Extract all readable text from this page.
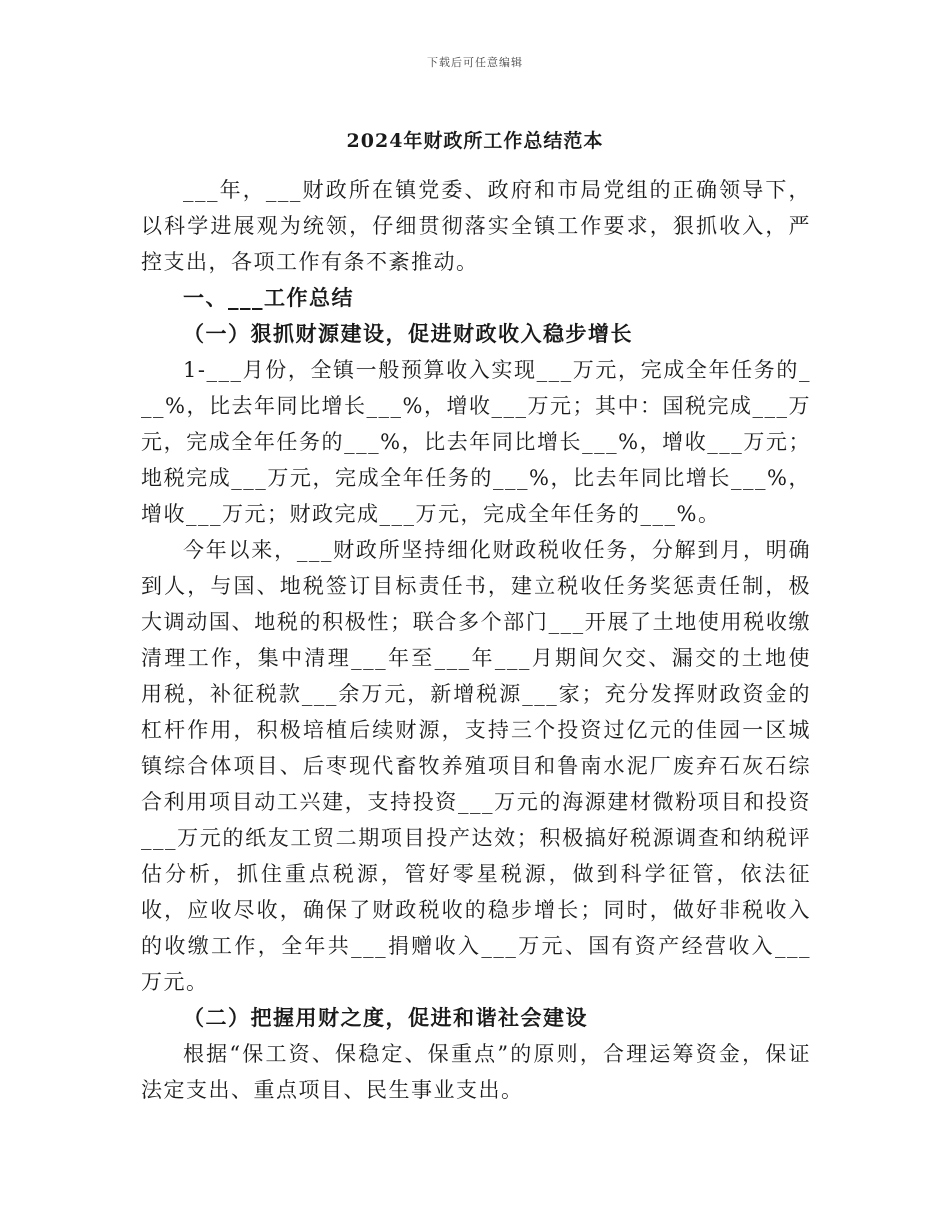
下载后可任意编辑
2024年财政所工作总结范本

___年，___财政所在镇党委、政府和市局党组的正确领导下，以科学进展观为统领，仔细贯彻落实全镇工作要求，狠抓收入，严控支出，各项工作有条不紊推动。

一、___工作总结

（一）狠抓财源建设，促进财政收入稳步增长

1-___月份，全镇一般预算收入实现___万元，完成全年任务的___%，比去年同比增长___%，增收___万元；其中：国税完成___万元，完成全年任务的___%，比去年同比增长___%，增收___万元；地税完成___万元，完成全年任务的___%，比去年同比增长___%，增收___万元；财政完成___万元，完成全年任务的___%。

今年以来，___财政所坚持细化财政税收任务，分解到月，明确到人，与国、地税签订目标责任书，建立税收任务奖惩责任制，极大调动国、地税的积极性；联合多个部门___开展了土地使用税收缴清理工作，集中清理___年至___年___月期间欠交、漏交的土地使用税，补征税款___余万元，新增税源___家；充分发挥财政资金的杠杆作用，积极培植后续财源，支持三个投资过亿元的佳园一区城镇综合体项目、后枣现代畜牧养殖项目和鲁南水泥厂废弃石灰石综合利用项目动工兴建，支持投资___万元的海源建材微粉项目和投资___万元的纸友工贸二期项目投产达效；积极搞好税源调查和纳税评估分析，抓住重点税源，管好零星税源，做到科学征管，依法征收，应收尽收，确保了财政税收的稳步增长；同时，做好非税收入的收缴工作，全年共___捐赠收入___万元、国有资产经营收入___万元。

（二）把握用财之度，促进和谐社会建设

根据“保工资、保稳定、保重点”的原则，合理运筹资金，保证法定支出、重点项目、民生事业支出。
